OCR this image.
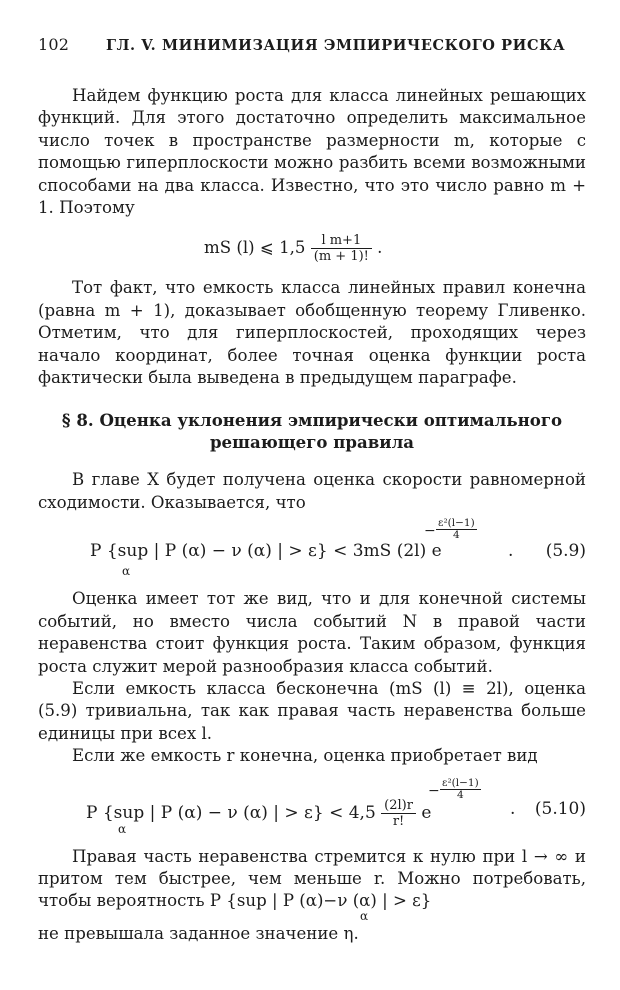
102	ГЛ. V. МИНИМИЗАЦИЯ ЭМПИРИЧЕСКОГО РИСКА

Найдем функцию роста для класса линейных решающих функций. Для этого достаточно определить максимальное число точек в пространстве размерности m, которые с помощью гиперплоскости можно разбить всеми возможными способами на два класса. Известно, что это число равно m + 1. Поэтому

mS (l) ⩽ $1,5 \frac{\text{l m+1}}{(m + 1)!}$ .

Тот факт, что емкость класса линейных правил конечна (равна m + 1), доказывает обобщенную теорему Гливенко. Отметим, что для гиперплоскостей, проходящих через начало координат, более точная оценка функции роста фактически была выведена в предыдущем параграфе.

§ 8. Оценка уклонения эмпирически оптимального
решающего правила

В главе X будет получена оценка скорости равномерной сходимости. Оказывается, что

P {sup | P (α) − ν (α) | > ε} < 3mS (2l) e
α
− ε²(l−1)
4
. (5.9)

Оценка имеет тот же вид, что и для конечной системы событий, но вместо числа событий N в правой части неравенства стоит функция роста. Таким образом, функция роста служит мерой разнообразия класса событий.

Если емкость класса бесконечна (mS (l) ≡ 2l), оценка (5.9) тривиальна, так как правая часть неравенства больше единицы при всех l.

Если же емкость r конечна, оценка приобретает вид

P {sup | P (α) − ν (α) | > $\varepsilon\} < 4,5 \frac{(2l)r}{r!}$ e
α
− ε²(l−1)
4
. (5.10)

Правая часть неравенства стремится к нулю при l → ∞ и притом тем быстрее, чем меньше r. Можно потребовать, чтобы вероятность P {sup | P (α)−ν (α) | > ε}

α
не превышала заданное значение η.
